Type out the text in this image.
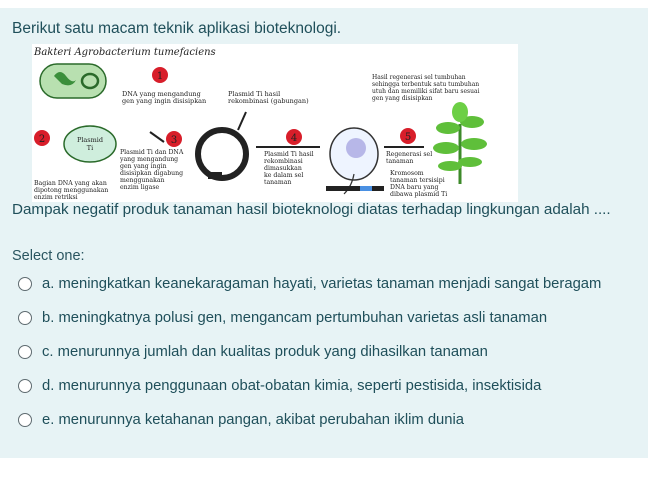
Berikut satu macam teknik aplikasi bioteknologi.
Bakteri Agrobacterium tumefaciens
1
DNA yang mengandung
gen yang ingin disisipkan
Plasmid Ti hasil
rekombinasi (gabungan)
Hasil regenerasi sel tumbuhan
sehingga terbentuk satu tumbuhan
utuh dan memiliki sifat baru sesuai
gen yang disisipkan
2	Plasmid
Ti
3	4	5
Plasmid Ti dan DNA
yang mengandung
gen yang ingin
disisipkan digabung
menggunakan
enzim ligase
Plasmid Ti hasil
rekombinasi
dimasukkan
ke dalam sel
tanaman
Regenerasi sel
tanaman
Kromosom
tanaman tersisipi
DNA baru yang
dibawa plasmid Ti
Bagian DNA yang akan
dipotong menggunakan
enzim retriksi
Dampak negatif produk tanaman hasil bioteknologi diatas terhadap lingkungan adalah ....
Select one:
a. meningkatkan keanekaragaman hayati, varietas tanaman menjadi sangat beragam
b. meningkatnya polusi gen, mengancam pertumbuhan varietas asli tanaman
c. menurunnya jumlah dan kualitas produk yang dihasilkan tanaman
d. menurunnya penggunaan obat-obatan kimia, seperti pestisida, insektisida
e. menurunnya ketahanan pangan, akibat perubahan iklim dunia
